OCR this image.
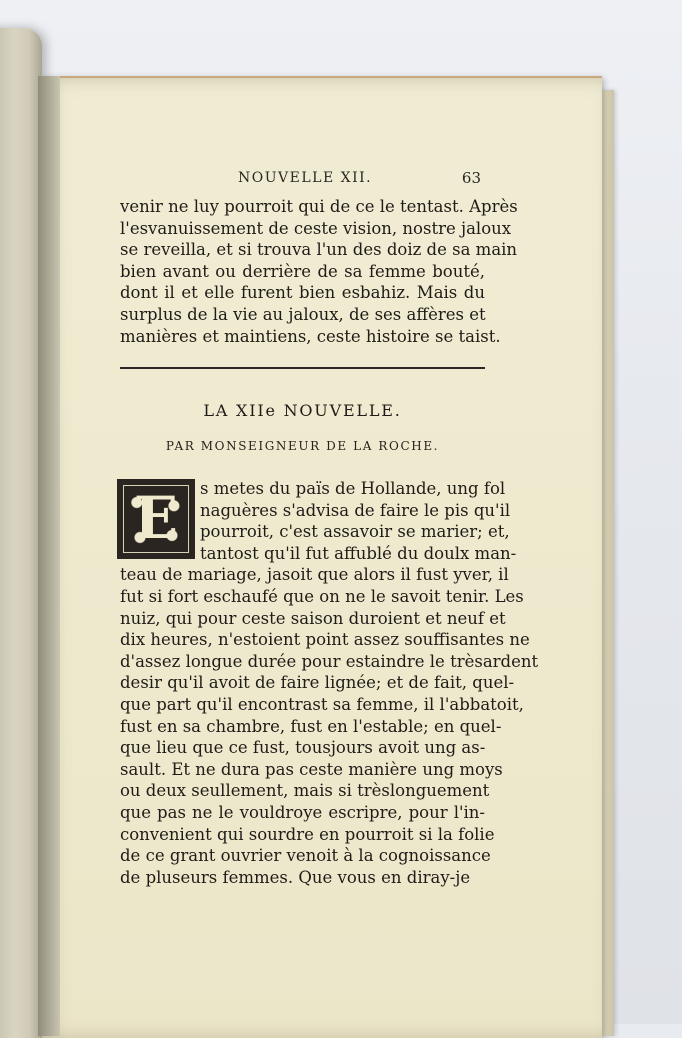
NOUVELLE XII.	63
venir ne luy pourroit qui de ce le tentast. Après
l'esvanuissement de ceste vision, nostre jaloux
se reveilla, et si trouva l'un des doiz de sa main
bien avant ou derrière de sa femme bouté,
dont il et elle furent bien esbahiz. Mais du
surplus de la vie au jaloux, de ses affères et
manières et maintiens, ceste histoire se taist.
LA XIIe NOUVELLE.
PAR MONSEIGNEUR DE LA ROCHE.
E	s metes du païs de Hollande, ung fol
naguères s'advisa de faire le pis qu'il
pourroit, c'est assavoir se marier; et,
tantost qu'il fut affublé du doulx man-
teau de mariage, jasoit que alors il fust yver, il
fut si fort eschaufé que on ne le savoit tenir. Les
nuiz, qui pour ceste saison duroient et neuf et
dix heures, n'estoient point assez souffisantes ne
d'assez longue durée pour estaindre le trèsardent
desir qu'il avoit de faire lignée; et de fait, quel-
que part qu'il encontrast sa femme, il l'abbatoit,
fust en sa chambre, fust en l'estable; en quel-
que lieu que ce fust, tousjours avoit ung as-
sault. Et ne dura pas ceste manière ung moys
ou deux seullement, mais si trèslonguement
que pas ne le vouldroye escripre, pour l'in-
convenient qui sourdre en pourroit si la folie
de ce grant ouvrier venoit à la cognoissance
de pluseurs femmes. Que vous en diray-je
